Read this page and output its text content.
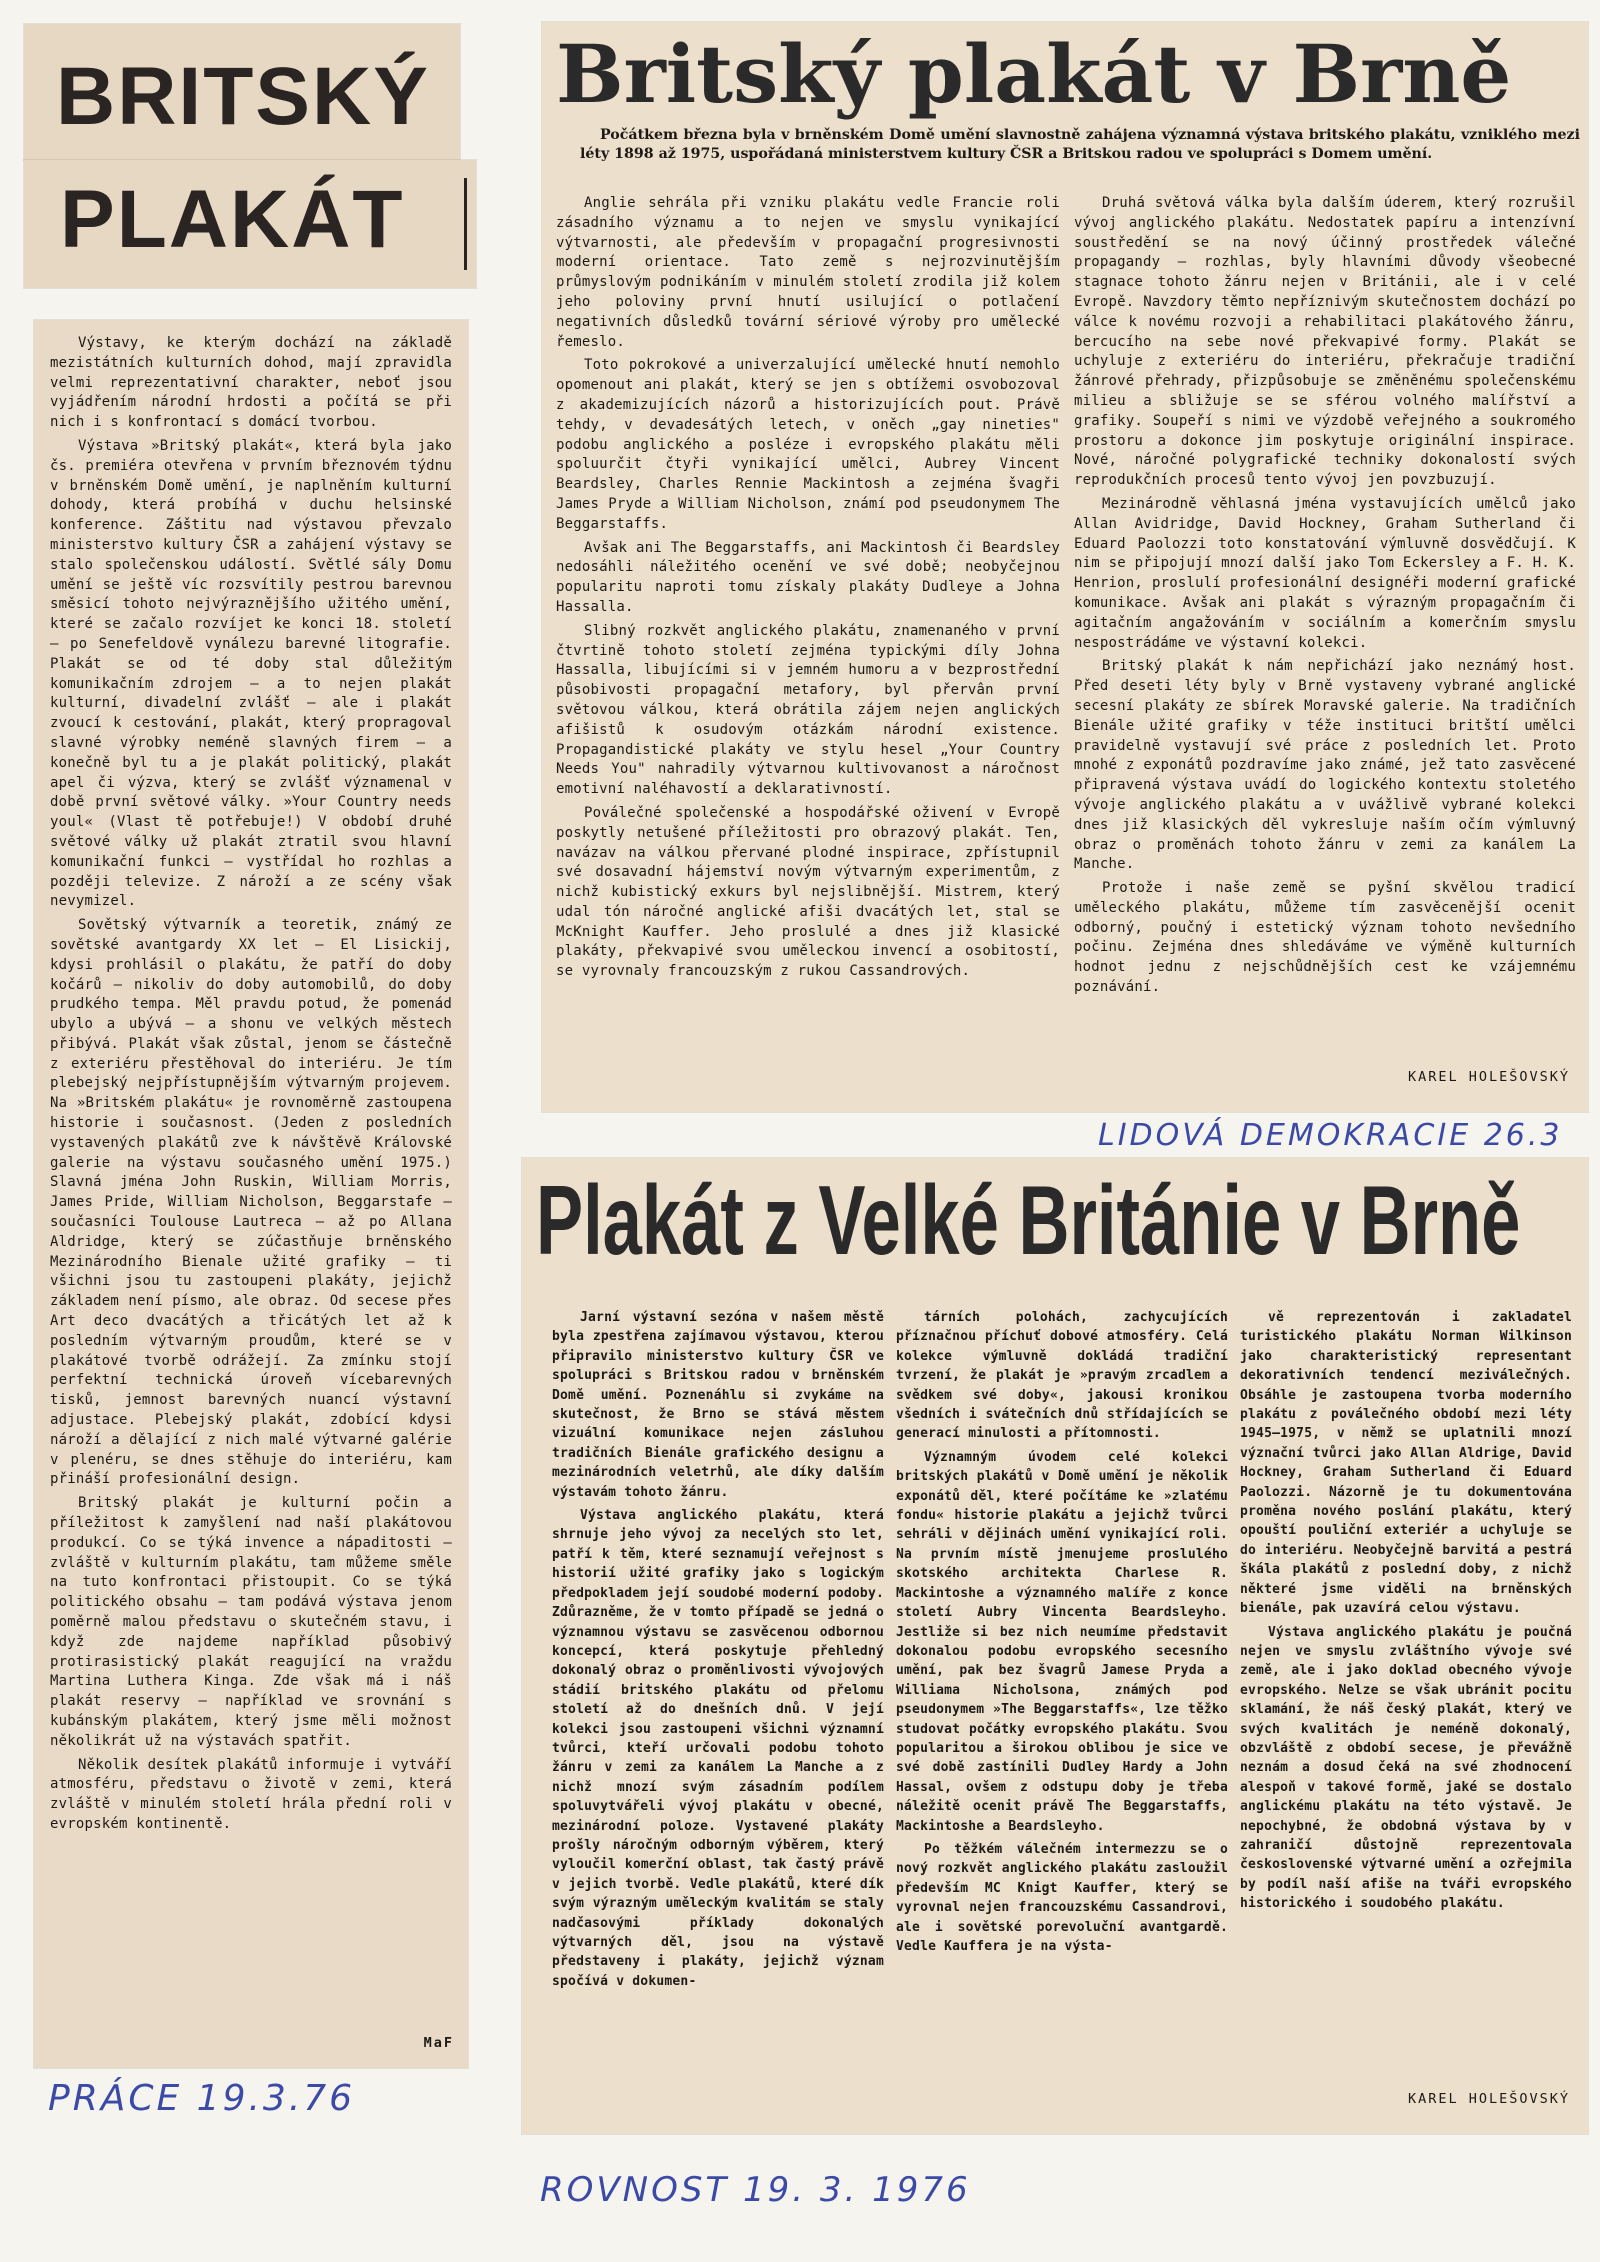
BRITSKÝ
PLAKÁT

Výstavy, ke kterým dochází na základě mezistátních kulturních dohod, mají zpravidla velmi reprezentativní charakter, neboť jsou vyjádřením národní hrdosti a počítá se při nich i s konfrontací s domácí tvorbou.

Výstava »Britský plakát«, která byla jako čs. premiéra otevřena v prvním březnovém týdnu v brněnském Domě umění, je naplněním kulturní dohody, která probíhá v duchu helsinské konference. Záštitu nad výstavou převzalo ministerstvo kultury ČSR a zahájení výstavy se stalo společenskou událostí. Světlé sály Domu umění se ještě víc rozsvítily pestrou barevnou směsicí tohoto nejvýraznějšího užitého umění, které se začalo rozvíjet ke konci 18. století — po Senefeldově vynálezu barevné litografie. Plakát se od té doby stal důležitým komunikačním zdrojem — a to nejen plakát kulturní, divadelní zvlášť — ale i plakát zvoucí k cestování, plakát, který propragoval slavné výrobky neméně slavných firem — a konečně byl tu a je plakát politický, plakát apel či výzva, který se zvlášť významenal v době první světové války. »Your Country needs youl« (Vlast tě potřebuje!) V období druhé světové války už plakát ztratil svou hlavní komunikační funkci — vystřídal ho rozhlas a později televize. Z nároží a ze scény však nevymizel.

Sovětský výtvarník a teoretik, známý ze sovětské avantgardy XX let — El Lisickij, kdysi prohlásil o plakátu, že patří do doby kočárů — nikoliv do doby automobilů, do doby prudkého tempa. Měl pravdu potud, že pomenád ubylo a ubývá — a shonu ve velkých městech přibývá. Plakát však zůstal, jenom se částečně z exteriéru přestěhoval do interiéru. Je tím plebejský nejpřístupnějším výtvarným projevem. Na »Britském plakátu« je rovnoměrně zastoupena historie i současnost. (Jeden z posledních vystavených plakátů zve k návštěvě Královské galerie na výstavu současného umění 1975.) Slavná jména John Ruskin, William Morris, James Pride, William Nicholson, Beggarstafe — současníci Toulouse Lautreca — až po Allana Aldridge, který se zúčastňuje brněnského Mezinárodního Bienale užité grafiky — ti všichni jsou tu zastoupeni plakáty, jejichž základem není písmo, ale obraz. Od secese přes Art deco dvacátých a třicátých let až k posledním výtvarným proudům, které se v plakátové tvorbě odrážejí. Za zmínku stojí perfektní technická úroveň vícebarevných tisků, jemnost barevných nuancí výstavní adjustace. Plebejský plakát, zdobící kdysi nároží a dělající z nich malé výtvarné galérie v plenéru, se dnes stěhuje do interiéru, kam přináší profesionální design.

Britský plakát je kulturní počin a příležitost k zamyšlení nad naší plakátovou produkcí. Co se týká invence a nápaditosti — zvláště v kulturním plakátu, tam můžeme směle na tuto konfrontaci přistoupit. Co se týká politického obsahu — tam podává výstava jenom poměrně malou představu o skutečném stavu, i když zde najdeme například působivý protirasistický plakát reagující na vraždu Martina Luthera Kinga. Zde však má i náš plakát reservy — například ve srovnání s kubánským plakátem, který jsme měli možnost několikrát už na výstavách spatřit.

Několik desítek plakátů informuje i vytváří atmosféru, představu o životě v zemi, která zvláště v minulém století hrála přední roli v evropském kontinentě.

MaF
PRÁCE 19.3.76
Britský plakát v Brně
Počátkem března byla v brněnském Domě umění slavnostně zahájena významná výstava britského plakátu, vzniklého mezi léty 1898 až 1975, uspořádaná ministerstvem kultury ČSR a Britskou radou ve spolupráci s Domem umění.

Anglie sehrála při vzniku plakátu vedle Francie roli zásadního významu a to nejen ve smyslu vynikající výtvarnosti, ale především v propagační progresivnosti moderní orientace. Tato země s nejrozvinutějším průmyslovým podnikáním v minulém století zrodila již kolem jeho poloviny první hnutí usilující o potlačení negativních důsledků tovární sériové výroby pro umělecké řemeslo.

Toto pokrokové a univerzalující umělecké hnutí nemohlo opomenout ani plakát, který se jen s obtížemi osvobozoval z akademizujících názorů a historizujících pout. Právě tehdy, v devadesátých letech, v oněch „gay nineties" podobu anglického a posléze i evropského plakátu měli spoluurčit čtyři vynikající umělci, Aubrey Vincent Beardsley, Charles Rennie Mackintosh a zejména švagři James Pryde a William Nicholson, známí pod pseudonymem The Beggarstaffs.

Avšak ani The Beggarstaffs, ani Mackintosh či Beardsley nedosáhli náležitého ocenění ve své době; neobyčejnou popularitu naproti tomu získaly plakáty Dudleye a Johna Hassalla.

Slibný rozkvět anglického plakátu, znamenaného v první čtvrtině tohoto století zejména typickými díly Johna Hassalla, libujícími si v jemném humoru a v bezprostřední působivosti propagační metafory, byl přervân první světovou válkou, která obrátila zájem nejen anglických afišistů k osudovým otázkám národní existence. Propagandistické plakáty ve stylu hesel „Your Country Needs You" nahradily výtvarnou kultivovanost a náročnost emotivní naléhavostí a deklarativností.

Poválečné společenské a hospodářské oživení v Evropě poskytly netušené příležitosti pro obrazový plakát. Ten, navázav na válkou přervané plodné inspirace, zpřístupnil své dosavadní hájemství novým výtvarným experimentům, z nichž kubistický exkurs byl nejslibnější. Mistrem, který udal tón náročné anglické afiši dvacátých let, stal se McKnight Kauffer. Jeho proslulé a dnes již klasické plakáty, překvapivé svou uměleckou invencí a osobitostí, se vyrovnaly francouzským z rukou Cassandrových.

Druhá světová válka byla dalším úderem, který rozrušil vývoj anglického plakátu. Nedostatek papíru a intenzívní soustředění se na nový účinný prostředek válečné propagandy — rozhlas, byly hlavními důvody všeobecné stagnace tohoto žánru nejen v Británii, ale i v celé Evropě. Navzdory těmto nepříznivým skutečnostem dochází po válce k novému rozvoji a rehabilitaci plakátového žánru, bercucího na sebe nové překvapivé formy. Plakát se uchyluje z exteriéru do interiéru, překračuje tradiční žánrové přehrady, přizpůsobuje se změněnému společenskému milieu a sbližuje se se sférou volného malířství a grafiky. Soupeří s nimi ve výzdobě veřejného a soukromého prostoru a dokonce jim poskytuje originální inspirace. Nové, náročné polygrafické techniky dokonalostí svých reprodukčních procesů tento vývoj jen povzbuzují.

Mezinárodně věhlasná jména vystavujících umělců jako Allan Avidridge, David Hockney, Graham Sutherland či Eduard Paolozzi toto konstatování výmluvně dosvědčují. K nim se připojují mnozí další jako Tom Eckersley a F. H. K. Henrion, proslulí profesionální designéři moderní grafické komunikace. Avšak ani plakát s výrazným propagačním či agitačním angažováním v sociálním a komerčním smyslu nespostrádáme ve výstavní kolekci.

Britský plakát k nám nepřichází jako neznámý host. Před deseti léty byly v Brně vystaveny vybrané anglické secesní plakáty ze sbírek Moravské galerie. Na tradičních Bienále užité grafiky v téže instituci britští umělci pravidelně vystavují své práce z posledních let. Proto mnohé z exponátů pozdravíme jako známé, jež tato zasvěcené připravená výstava uvádí do logického kontextu stoletého vývoje anglického plakátu a v uvážlivě vybrané kolekci dnes již klasických děl vykresluje naším očím výmluvný obraz o proměnách tohoto žánru v zemi za kanálem La Manche.

Protože i naše země se pyšní skvělou tradicí uměleckého plakátu, můžeme tím zasvěcenější ocenit odborný, poučný i estetický význam tohoto nevšedního počinu. Zejména dnes shledáváme ve výměně kulturních hodnot jednu z nejschůdnějších cest ke vzájemnému poznávání.

KAREL HOLEŠOVSKÝ
LIDOVÁ DEMOKRACIE 26.3
Plakát z Velké Británie v Brně

Jarní výstavní sezóna v našem městě byla zpestřena zajímavou výstavou, kterou připravilo ministerstvo kultury ČSR ve spolupráci s Britskou radou v brněnském Domě umění. Poznenáhlu si zvykáme na skutečnost, že Brno se stává městem vizuální komunikace nejen zásluhou tradičních Bienále grafického designu a mezinárodních veletrhů, ale díky dalším výstavám tohoto žánru.

Výstava anglického plakátu, která shrnuje jeho vývoj za necelých sto let, patří k těm, které seznamují veřejnost s historií užité grafiky jako s logickým předpokladem její soudobé moderní podoby. Zdůrazněme, že v tomto případě se jedná o významnou výstavu se zasvěcenou odbornou koncepcí, která poskytuje přehledný dokonalý obraz o proměnlivosti vývojových stádií britského plakátu od přelomu století až do dnešních dnů. V její kolekci jsou zastoupeni všichni významní tvůrci, kteří určovali podobu tohoto žánru v zemi za kanálem La Manche a z nichž mnozí svým zásadním podílem spoluvytvářeli vývoj plakátu v obecné, mezinárodní poloze. Vystavené plakáty prošly náročným odborným výběrem, který vyloučil komerční oblast, tak častý právě v jejich tvorbě. Vedle plakátů, které dík svým výrazným uměleckým kvalitám se staly nadčasovými příklady dokonalých výtvarných děl, jsou na výstavě představeny i plakáty, jejichž význam spočívá v dokumen-

tárních polohách, zachycujících příznačnou příchuť dobové atmosféry. Celá kolekce výmluvně dokládá tradiční tvrzení, že plakát je »pravým zrcadlem a svědkem své doby«, jakousi kronikou všedních i svátečních dnů střídajících se generací minulosti a přítomnosti.

Významným úvodem celé kolekci britských plakátů v Domě umění je několik exponátů děl, které počítáme ke »zlatému fondu« historie plakátu a jejichž tvůrci sehráli v dějinách umění vynikající roli. Na prvním místě jmenujeme proslulého skotského architekta Charlese R. Mackintoshe a významného malíře z konce století Aubry Vincenta Beardsleyho. Jestliže si bez nich neumíme představit dokonalou podobu evropského secesního umění, pak bez švagrů Jamese Pryda a Williama Nicholsona, známých pod pseudonymem »The Beggarstaffs«, lze těžko studovat počátky evropského plakátu. Svou popularitou a širokou oblibou je sice ve své době zastínili Dudley Hardy a John Hassal, ovšem z odstupu doby je třeba náležitě ocenit právě The Beggarstaffs, Mackintoshe a Beardsleyho.

Po těžkém válečném intermezzu se o nový rozkvět anglického plakátu zasloužil především MC Knigt Kauffer, který se vyrovnal nejen francouzskému Cassandrovi, ale i sovětské porevoluční avantgardě. Vedle Kauffera je na výsta-

vě reprezentován i zakladatel turistického plakátu Norman Wilkinson jako charakteristický representant dekorativních tendencí meziválečných. Obsáhle je zastoupena tvorba moderního plakátu z poválečného období mezi léty 1945—1975, v němž se uplatnili mnozí význační tvůrci jako Allan Aldrige, David Hockney, Graham Sutherland či Eduard Paolozzi. Názorně je tu dokumentována proměna nového poslání plakátu, který opouští pouliční exteriér a uchyluje se do interiéru. Neobyčejně barvitá a pestrá škála plakátů z poslední doby, z nichž některé jsme viděli na brněnských bienále, pak uzavírá celou výstavu.

Výstava anglického plakátu je poučná nejen ve smyslu zvláštního vývoje své země, ale i jako doklad obecného vývoje evropského. Nelze se však ubránit pocitu sklamání, že náš český plakát, který ve svých kvalitách je neméně dokonalý, obzvláště z období secese, je převážně neznám a dosud čeká na své zhodnocení alespoň v takové formě, jaké se dostalo anglickému plakátu na této výstavě. Je nepochybné, že obdobná výstava by v zahraničí důstojně reprezentovala československé výtvarné umění a ozřejmila by podíl naší afiše na tváři evropského historického i soudobého plakátu.

KAREL HOLEŠOVSKÝ
ROVNOST 19. 3. 1976
